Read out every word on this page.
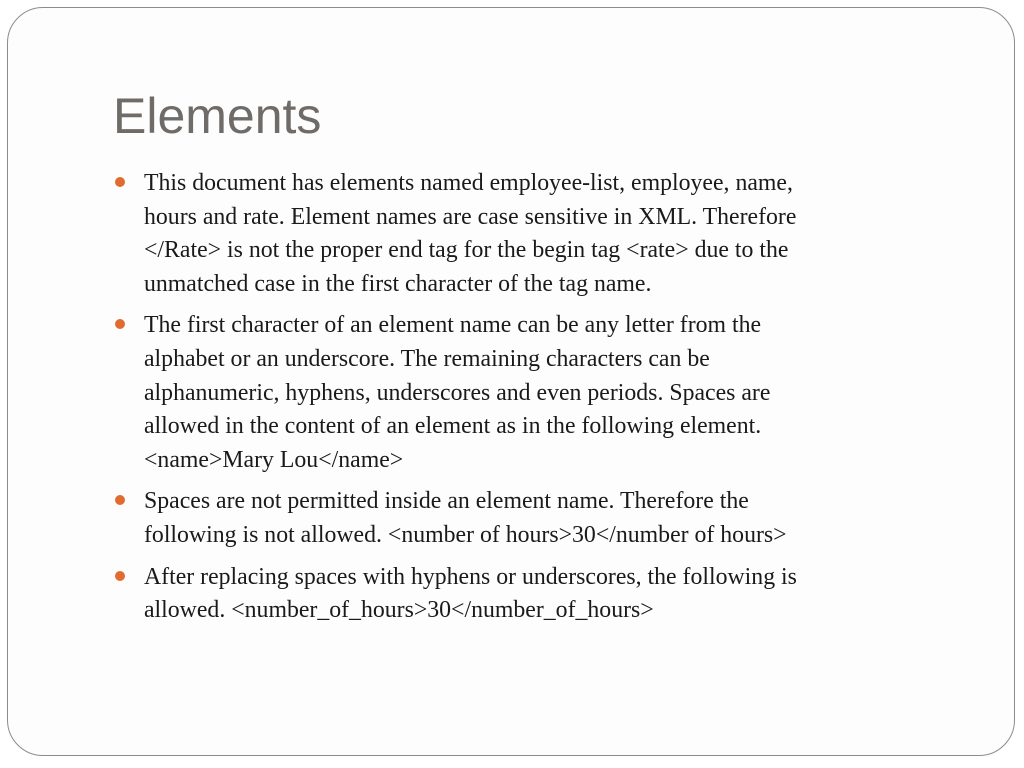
Elements
This document has elements named employee-list, employee, name,
hours and rate. Element names are case sensitive in XML. Therefore
</Rate> is not the proper end tag for the begin tag <rate> due to the
unmatched case in the first character of the tag name.
The first character of an element name can be any letter from the
alphabet or an underscore. The remaining characters can be
alphanumeric, hyphens, underscores and even periods. Spaces are
allowed in the content of an element as in the following element.
<name>Mary Lou</name>
Spaces are not permitted inside an element name. Therefore the
following is not allowed. <number of hours>30</number of hours>
After replacing spaces with hyphens or underscores, the following is
allowed. <number_of_hours>30</number_of_hours>
